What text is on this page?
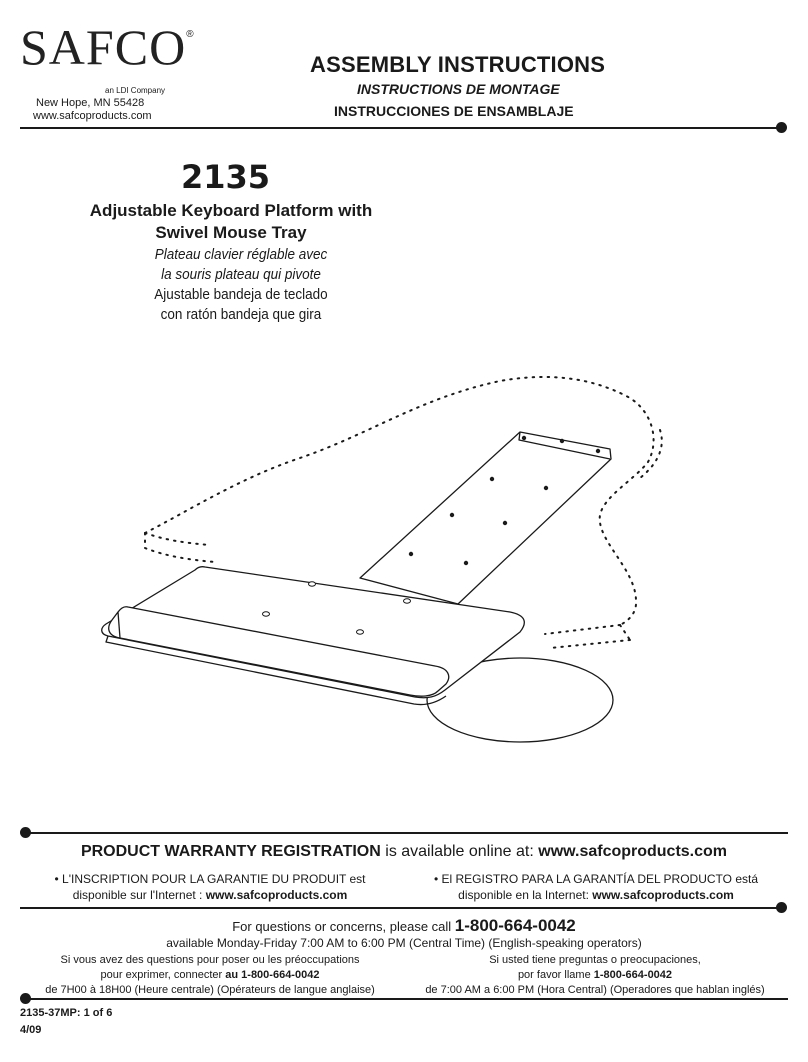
SAFCO®
an LDI Company
New Hope, MN 55428
www.safcoproducts.com
ASSEMBLY INSTRUCTIONS
INSTRUCTIONS DE MONTAGE
INSTRUCCIONES DE ENSAMBLAJE
2135
Adjustable Keyboard Platform with
Swivel Mouse Tray
Plateau clavier réglable avec
la souris plateau qui pivote
Ajustable bandeja de teclado
con ratón bandeja que gira
PRODUCT WARRANTY REGISTRATION is available online at: www.safcoproducts.com
• L'INSCRIPTION POUR LA GARANTIE DU PRODUIT est
disponible sur l'Internet : www.safcoproducts.com
• El REGISTRO PARA LA GARANTÍA DEL PRODUCTO está
disponible en la Internet: www.safcoproducts.com
For questions or concerns, please call 1-800-664-0042
available Monday-Friday 7:00 AM to 6:00 PM (Central Time) (English-speaking operators)
Si vous avez des questions pour poser ou les préoccupations
pour exprimer, connecter au 1-800-664-0042
de 7H00 à 18H00 (Heure centrale) (Opérateurs de langue anglaise)
Si usted tiene preguntas o preocupaciones,
por favor llame 1-800-664-0042
de 7:00 AM a 6:00 PM (Hora Central) (Operadores que hablan inglés)
2135-37MP: 1 of 6
4/09
